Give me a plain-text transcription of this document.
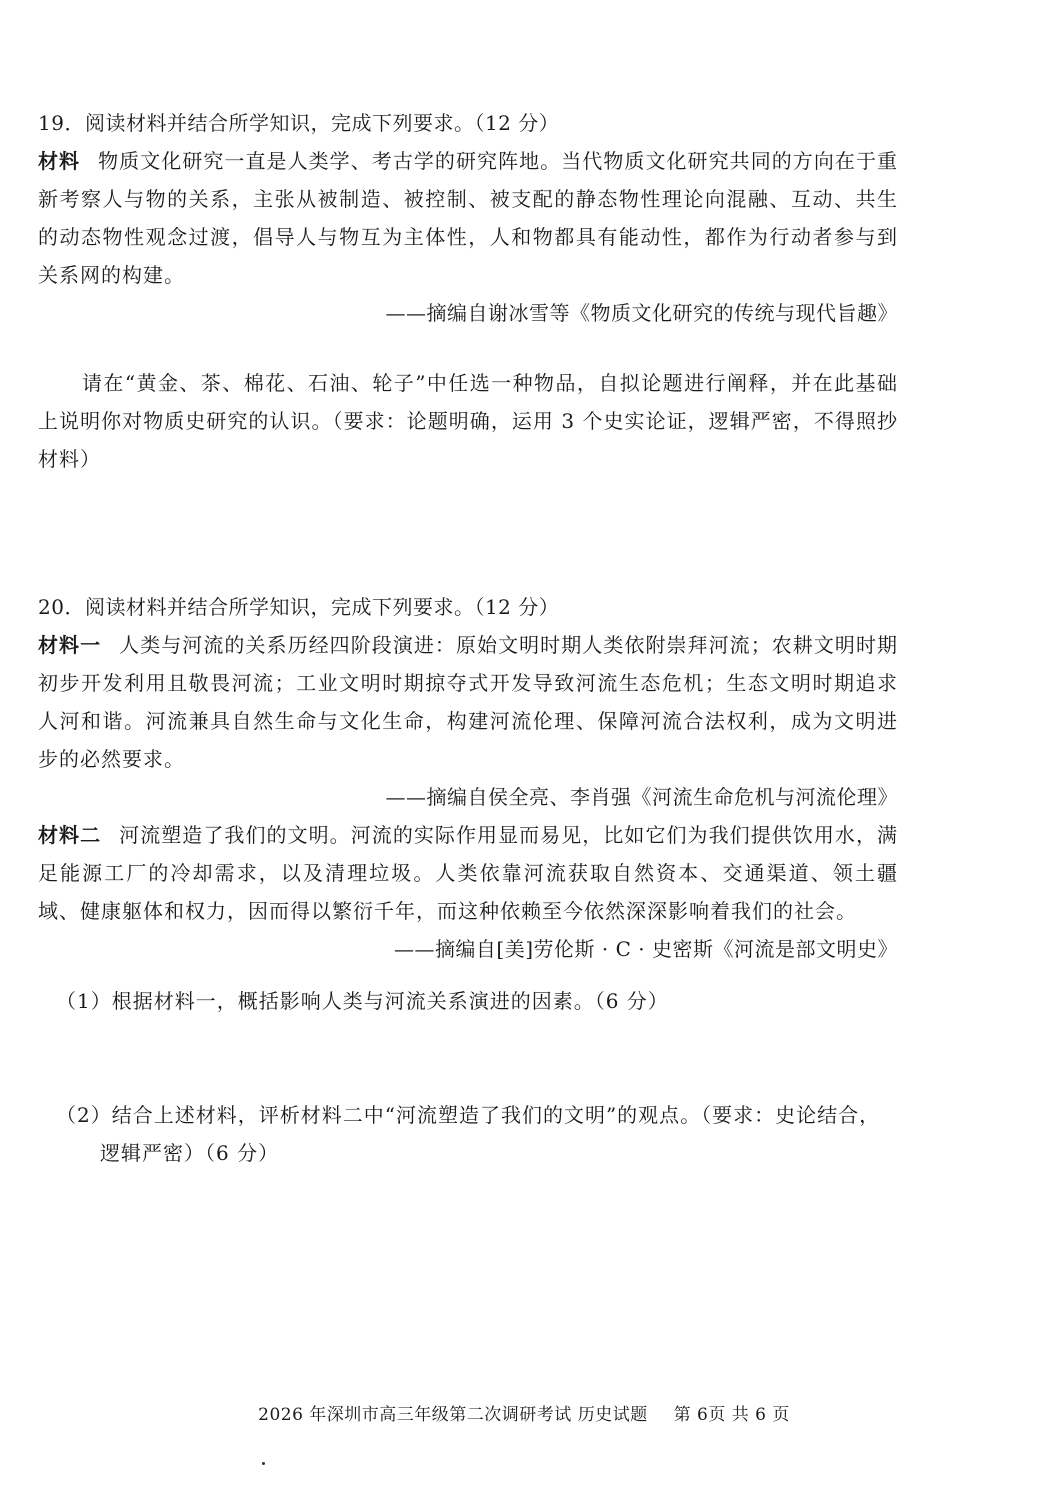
19．阅读材料并结合所学知识，完成下列要求。（12 分）
材料 物质文化研究一直是人类学、考古学的研究阵地。当代物质文化研究共同的方向在于重新考察人与物的关系，主张从被制造、被控制、被支配的静态物性理论向混融、互动、共生的动态物性观念过渡，倡导人与物互为主体性，人和物都具有能动性，都作为行动者参与到关系网的构建。
——摘编自谢冰雪等《物质文化研究的传统与现代旨趣》
请在“黄金、茶、棉花、石油、轮子”中任选一种物品，自拟论题进行阐释，并在此基础上说明你对物质史研究的认识。（要求：论题明确，运用 3 个史实论证，逻辑严密，不得照抄材料）
20．阅读材料并结合所学知识，完成下列要求。（12 分）
材料一 人类与河流的关系历经四阶段演进：原始文明时期人类依附崇拜河流；农耕文明时期初步开发利用且敬畏河流；工业文明时期掠夺式开发导致河流生态危机；生态文明时期追求人河和谐。河流兼具自然生命与文化生命，构建河流伦理、保障河流合法权利，成为文明进步的必然要求。
——摘编自侯全亮、李肖强《河流生命危机与河流伦理》
材料二 河流塑造了我们的文明。河流的实际作用显而易见，比如它们为我们提供饮用水，满足能源工厂的冷却需求，以及清理垃圾。人类依靠河流获取自然资本、交通渠道、领土疆域、健康躯体和权力，因而得以繁衍千年，而这种依赖至今依然深深影响着我们的社会。
——摘编自[美]劳伦斯 · C · 史密斯《河流是部文明史》
（1）根据材料一，概括影响人类与河流关系演进的因素。（6 分）
（2）结合上述材料，评析材料二中“河流塑造了我们的文明”的观点。（要求：史论结合，逻辑严密）（6 分）
2026 年深圳市高三年级第二次调研考试 历史试题 第 6页 共 6 页
